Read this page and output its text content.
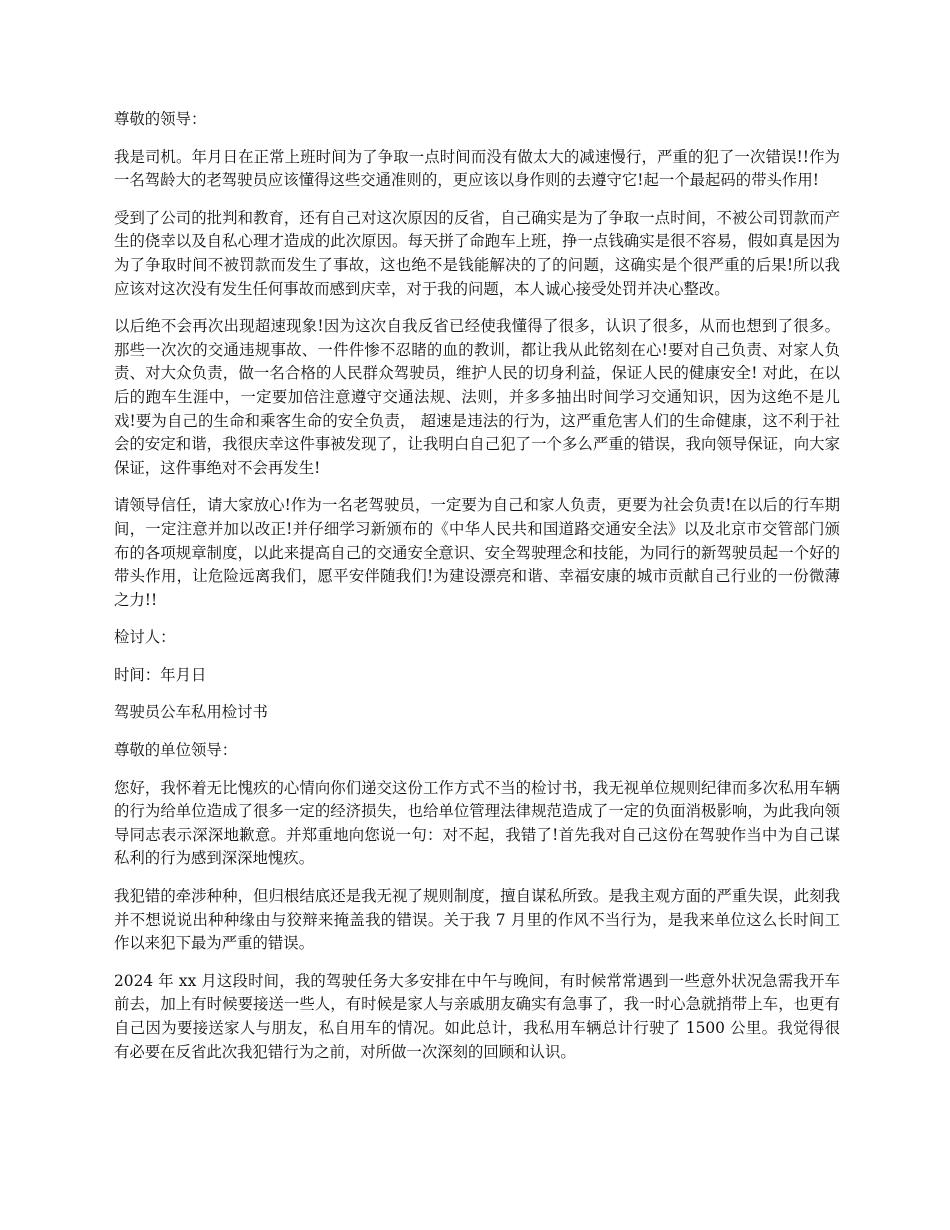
尊敬的领导：

我是司机。年月日在正常上班时间为了争取一点时间而没有做太大的减速慢行，严重的犯了一次错误!!作为一名驾龄大的老驾驶员应该懂得这些交通准则的，更应该以身作则的去遵守它!起一个最起码的带头作用!

受到了公司的批判和教育，还有自己对这次原因的反省，自己确实是为了争取一点时间，不被公司罚款而产生的侥幸以及自私心理才造成的此次原因。每天拼了命跑车上班，挣一点钱确实是很不容易，假如真是因为为了争取时间不被罚款而发生了事故，这也绝不是钱能解决的了的问题，这确实是个很严重的后果!所以我应该对这次没有发生任何事故而感到庆幸，对于我的问题，本人诚心接受处罚并决心整改。

以后绝不会再次出现超速现象!因为这次自我反省已经使我懂得了很多，认识了很多，从而也想到了很多。那些一次次的交通违规事故、一件件惨不忍睹的血的教训，都让我从此铭刻在心!要对自己负责、对家人负责、对大众负责，做一名合格的人民群众驾驶员，维护人民的切身利益，保证人民的健康安全! 对此，在以后的跑车生涯中，一定要加倍注意遵守交通法规、法则，并多多抽出时间学习交通知识，因为这绝不是儿戏!要为自己的生命和乘客生命的安全负责， 超速是违法的行为，这严重危害人们的生命健康，这不利于社会的安定和谐，我很庆幸这件事被发现了，让我明白自己犯了一个多么严重的错误，我向领导保证，向大家保证，这件事绝对不会再发生!

请领导信任，请大家放心!作为一名老驾驶员，一定要为自己和家人负责，更要为社会负责!在以后的行车期间，一定注意并加以改正!并仔细学习新颁布的《中华人民共和国道路交通安全法》以及北京市交管部门颁布的各项规章制度，以此来提高自己的交通安全意识、安全驾驶理念和技能，为同行的新驾驶员起一个好的带头作用，让危险远离我们，愿平安伴随我们!为建设漂亮和谐、幸福安康的城市贡献自己行业的一份微薄之力!!

检讨人：

时间：年月日

驾驶员公车私用检讨书

尊敬的单位领导：

您好，我怀着无比愧疚的心情向你们递交这份工作方式不当的检讨书，我无视单位规则纪律而多次私用车辆的行为给单位造成了很多一定的经济损失，也给单位管理法律规范造成了一定的负面消极影响，为此我向领导同志表示深深地歉意。并郑重地向您说一句：对不起，我错了!首先我对自己这份在驾驶作当中为自己谋私利的行为感到深深地愧疚。

我犯错的牵涉种种，但归根结底还是我无视了规则制度，擅自谋私所致。是我主观方面的严重失误，此刻我并不想说说出种种缘由与狡辩来掩盖我的错误。关于我 7 月里的作风不当行为，是我来单位这么长时间工作以来犯下最为严重的错误。

2024 年 xx 月这段时间，我的驾驶任务大多安排在中午与晚间，有时候常常遇到一些意外状况急需我开车前去，加上有时候要接送一些人，有时候是家人与亲戚朋友确实有急事了，我一时心急就捎带上车，也更有自己因为要接送家人与朋友，私自用车的情况。如此总计，我私用车辆总计行驶了 1500 公里。我觉得很有必要在反省此次我犯错行为之前，对所做一次深刻的回顾和认识。
